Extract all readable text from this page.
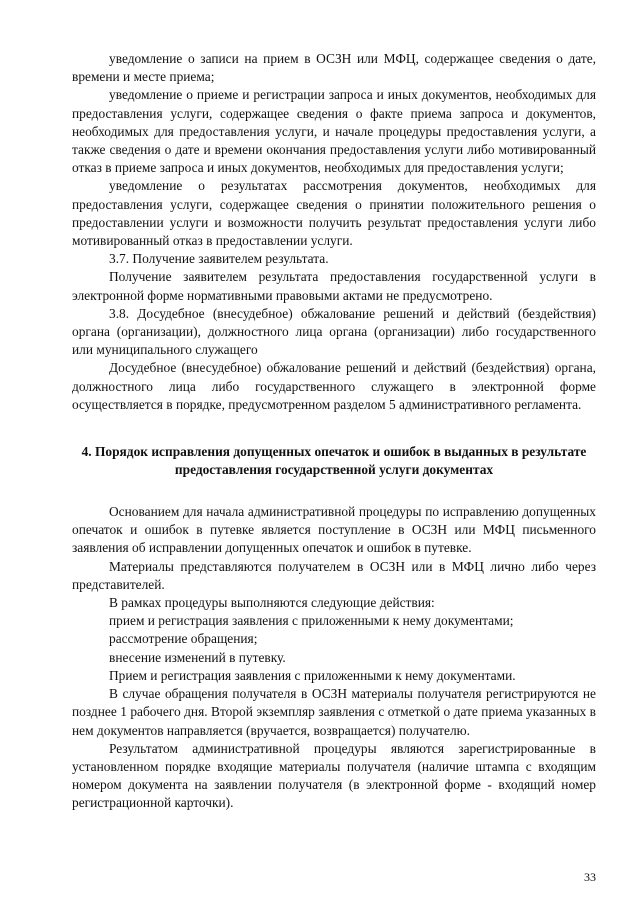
уведомление о записи на прием в ОСЗН или МФЦ, содержащее сведения о дате, времени и месте приема;

уведомление о приеме и регистрации запроса и иных документов, необходимых для предоставления услуги, содержащее сведения о факте приема запроса и документов, необходимых для предоставления услуги, и начале процедуры предоставления услуги, а также сведения о дате и времени окончания предоставления услуги либо мотивированный отказ в приеме запроса и иных документов, необходимых для предоставления услуги;

уведомление о результатах рассмотрения документов, необходимых для предоставления услуги, содержащее сведения о принятии положительного решения о предоставлении услуги и возможности получить результат предоставления услуги либо мотивированный отказ в предоставлении услуги.

3.7. Получение заявителем результата.

Получение заявителем результата предоставления государственной услуги в электронной форме нормативными правовыми актами не предусмотрено.

3.8. Досудебное (внесудебное) обжалование решений и действий (бездействия) органа (организации), должностного лица органа (организации) либо государственного или муниципального служащего

Досудебное (внесудебное) обжалование решений и действий (бездействия) органа, должностного лица либо государственного служащего в электронной форме осуществляется в порядке, предусмотренном разделом 5 административного регламента.

4. Порядок исправления допущенных опечаток и ошибок в выданных в результате предоставления государственной услуги документах

Основанием для начала административной процедуры по исправлению допущенных опечаток и ошибок в путевке является поступление в ОСЗН или МФЦ письменного заявления об исправлении допущенных опечаток и ошибок в путевке.

Материалы представляются получателем в ОСЗН или в МФЦ лично либо через представителей.

В рамках процедуры выполняются следующие действия:

прием и регистрация заявления с приложенными к нему документами;

рассмотрение обращения;

внесение изменений в путевку.

Прием и регистрация заявления с приложенными к нему документами.

В случае обращения получателя в ОСЗН материалы получателя регистрируются не позднее 1 рабочего дня. Второй экземпляр заявления с отметкой о дате приема указанных в нем документов направляется (вручается, возвращается) получателю.

Результатом административной процедуры являются зарегистрированные в установленном порядке входящие материалы получателя (наличие штампа с входящим номером документа на заявлении получателя (в электронной форме - входящий номер регистрационной карточки).

33
